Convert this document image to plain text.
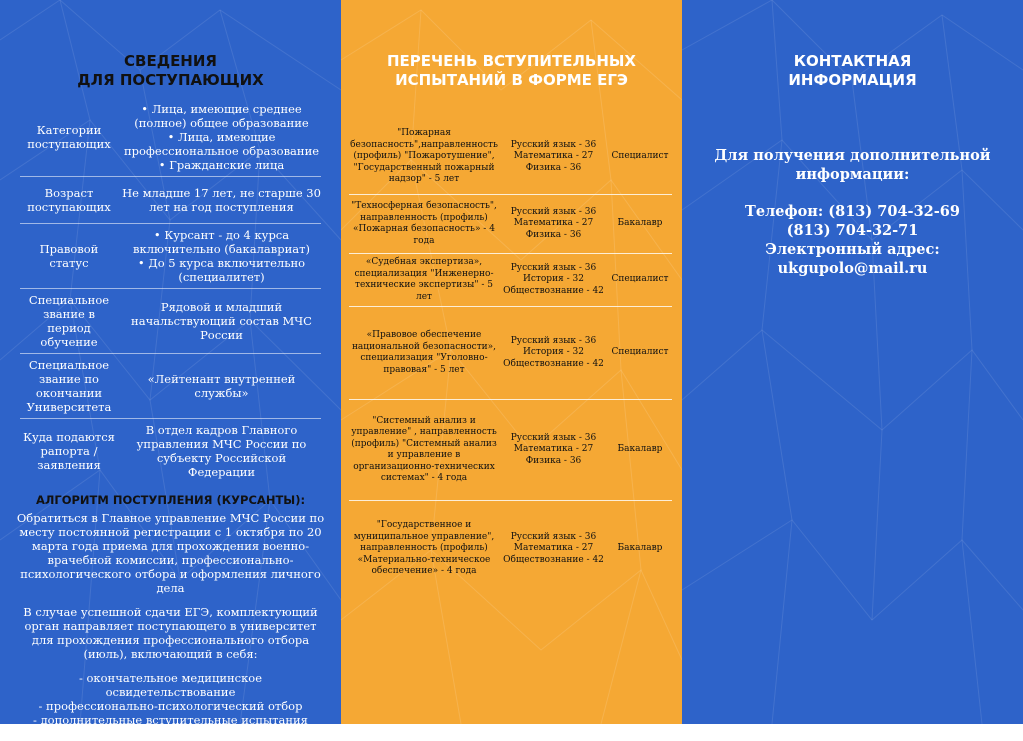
СВЕДЕНИЯ
ДЛЯ ПОСТУПАЮЩИХ
Категории поступающих
• Лица, имеющие среднее (полное) общее образование
• Лица, имеющие профессиональное образование
• Гражданские лица
Возраст поступающих
Не младше 17 лет, не старше 30 лет на год поступления
Правовой статус
• Курсант - до 4 курса включительно (бакалавриат)
• До 5 курса включительно (специалитет)
Специальное звание в период обучение
Рядовой и младший начальствующий состав МЧС России
Специальное звание по окончании Университета
«Лейтенант внутренней службы»
Куда подаются рапорта / заявления
В отдел кадров Главного управления МЧС России по субъекту Российской Федерации
АЛГОРИТМ ПОСТУПЛЕНИЯ (КУРСАНТЫ):

Обратиться в Главное управление МЧС России по месту постоянной регистрации с 1 октября по 20 марта года приема для прохождения военно-врачебной комиссии, профессионально-психологического отбора и оформления личного дела

В случае успешной сдачи ЕГЭ, комплектующий орган направляет поступающего в университет для прохождения профессионального отбора (июль), включающий в себя:

- окончательное медицинское освидетельствование
- профессионально-психологический отбор
- дополнительные вступительные испытания
- конкурсный отбор
ПЕРЕЧЕНЬ ВСТУПИТЕЛЬНЫХ
ИСПЫТАНИЙ В ФОРМЕ ЕГЭ
"Пожарная безопасность",направленность (профиль) "Пожаротушение", "Государственный пожарный надзор" - 5 лет
Русский язык - 36
Математика - 27
Физика - 36
Специалист
"Техносферная безопасность", направленность (профиль) «Пожарная безопасность» - 4 года
Русский язык - 36
Математика - 27
Физика - 36
Бакалавр
«Судебная экспертиза», специализация "Инженерно-технические экспертизы" - 5 лет
Русский язык - 36
История - 32
Обществознание - 42
Специалист
«Правовое обеспечение национальной безопасности», специализация "Уголовно-правовая" - 5 лет
Русский язык - 36
История - 32
Обществознание - 42
Специалист
"Системный анализ и управление" , направленность (профиль) "Системный анализ и управление в организационно-технических системах" - 4 года
Русский язык - 36
Математика - 27
Физика - 36
Бакалавр
"Государственное и муниципальное управление", направленность (профиль) «Материально-техническое обеспечение» - 4 года
Русский язык - 36
Математика - 27
Обществознание - 42
Бакалавр
КОНТАКТНАЯ
ИНФОРМАЦИЯ
Для получения дополнительной
информации:
Телефон: (813) 704-32-69
(813) 704-32-71
Электронный адрес:
ukgupolo@mail.ru
